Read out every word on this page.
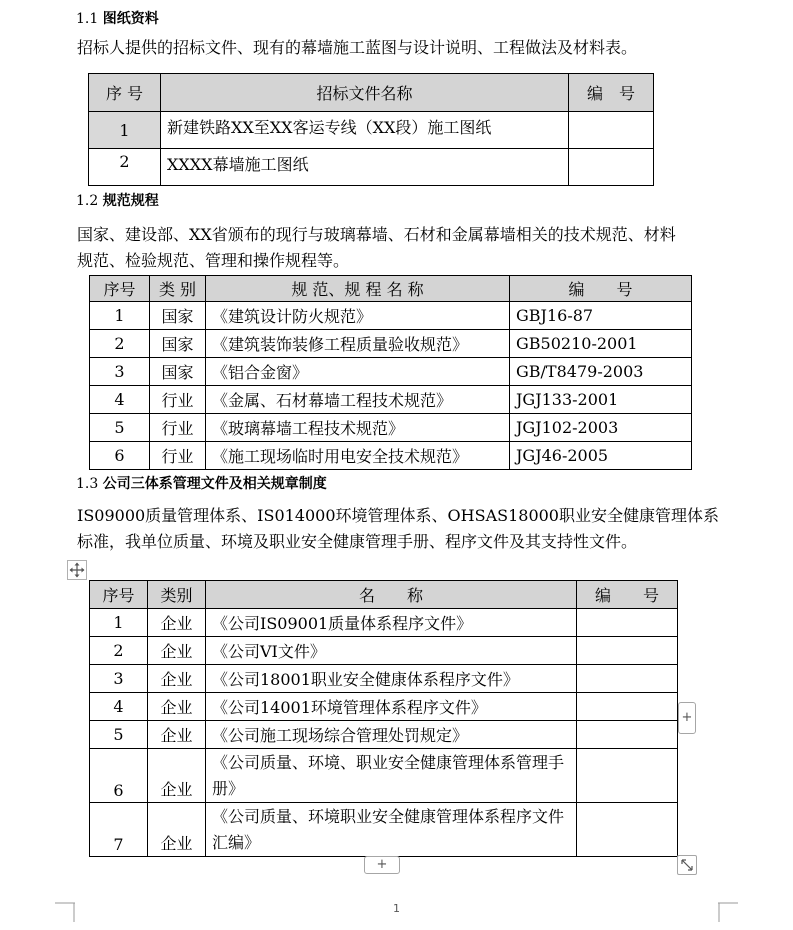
1.1 图纸资料
招标人提供的招标文件、现有的幕墙施工蓝图与设计说明、工程做法及材料表。
序 号	招标文件名称	编　号
1	新建铁路XX至XX客运专线（XX段）施工图纸	
2	XXXX幕墙施工图纸	
1.2 规范规程
国家、建设部、XX省颁布的现行与玻璃幕墙、石材和金属幕墙相关的技术规范、材料
规范、检验规范、管理和操作规程等。
序号	类 别	规 范、规 程 名 称	编　　号
1	国家	《建筑设计防火规范》	GBJ16-87
2	国家	《建筑装饰装修工程质量验收规范》	GB50210-2001
3	国家	《铝合金窗》	GB/T8479-2003
4	行业	《金属、石材幕墙工程技术规范》	JGJ133-2001
5	行业	《玻璃幕墙工程技术规范》	JGJ102-2003
6	行业	《施工现场临时用电安全技术规范》	JGJ46-2005
1.3 公司三体系管理文件及相关规章制度
IS09000质量管理体系、IS014000环境管理体系、OHSAS18000职业安全健康管理体系
标准，我单位质量、环境及职业安全健康管理手册、程序文件及其支持性文件。
序号	类别	名　　称	编　　号
1	企业	《公司IS09001质量体系程序文件》	
2	企业	《公司VI文件》	
3	企业	《公司18001职业安全健康体系程序文件》	
4	企业	《公司14001环境管理体系程序文件》	
5	企业	《公司施工现场综合管理处罚规定》	
6	企业	《公司质量、环境、职业安全健康管理体系管理手册》	
7	企业	《公司质量、环境职业安全健康管理体系程序文件汇编》	
+
+
1
